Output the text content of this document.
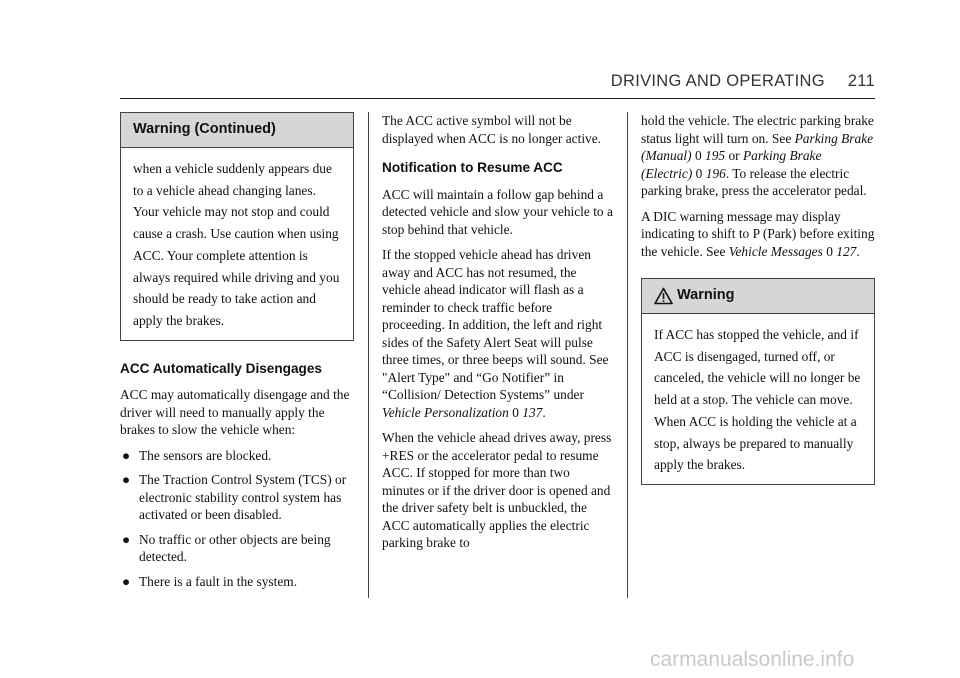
DRIVING AND OPERATING 211
Warning (Continued)
when a vehicle suddenly appears due to a vehicle ahead changing lanes. Your vehicle may not stop and could cause a crash. Use caution when using ACC. Your complete attention is always required while driving and you should be ready to take action and apply the brakes.
ACC Automatically Disengages

ACC may automatically disengage and the driver will need to manually apply the brakes to slow the vehicle when:

● The sensors are blocked.
● The Traction Control System (TCS) or electronic stability control system has activated or been disabled.
● No traffic or other objects are being detected.
● There is a fault in the system.

The ACC active symbol will not be displayed when ACC is no longer active.

Notification to Resume ACC

ACC will maintain a follow gap behind a detected vehicle and slow your vehicle to a stop behind that vehicle.

If the stopped vehicle ahead has driven away and ACC has not resumed, the vehicle ahead indicator will flash as a reminder to check traffic before proceeding. In addition, the left and right sides of the Safety Alert Seat will pulse three times, or three beeps will sound. See "Alert Type" and “Go Notifier” in “Collision/ Detection Systems” under Vehicle Personalization 0 137.

When the vehicle ahead drives away, press +RES or the accelerator pedal to resume ACC. If stopped for more than two minutes or if the driver door is opened and the driver safety belt is unbuckled, the ACC automatically applies the electric parking brake to

hold the vehicle. The electric parking brake status light will turn on. See Parking Brake (Manual) 0 195 or Parking Brake (Electric) 0 196. To release the electric parking brake, press the accelerator pedal.

A DIC warning message may display indicating to shift to P (Park) before exiting the vehicle. See Vehicle Messages 0 127.

Warning
If ACC has stopped the vehicle, and if ACC is disengaged, turned off, or canceled, the vehicle will no longer be held at a stop. The vehicle can move. When ACC is holding the vehicle at a stop, always be prepared to manually apply the brakes.
carmanualsonline.info
